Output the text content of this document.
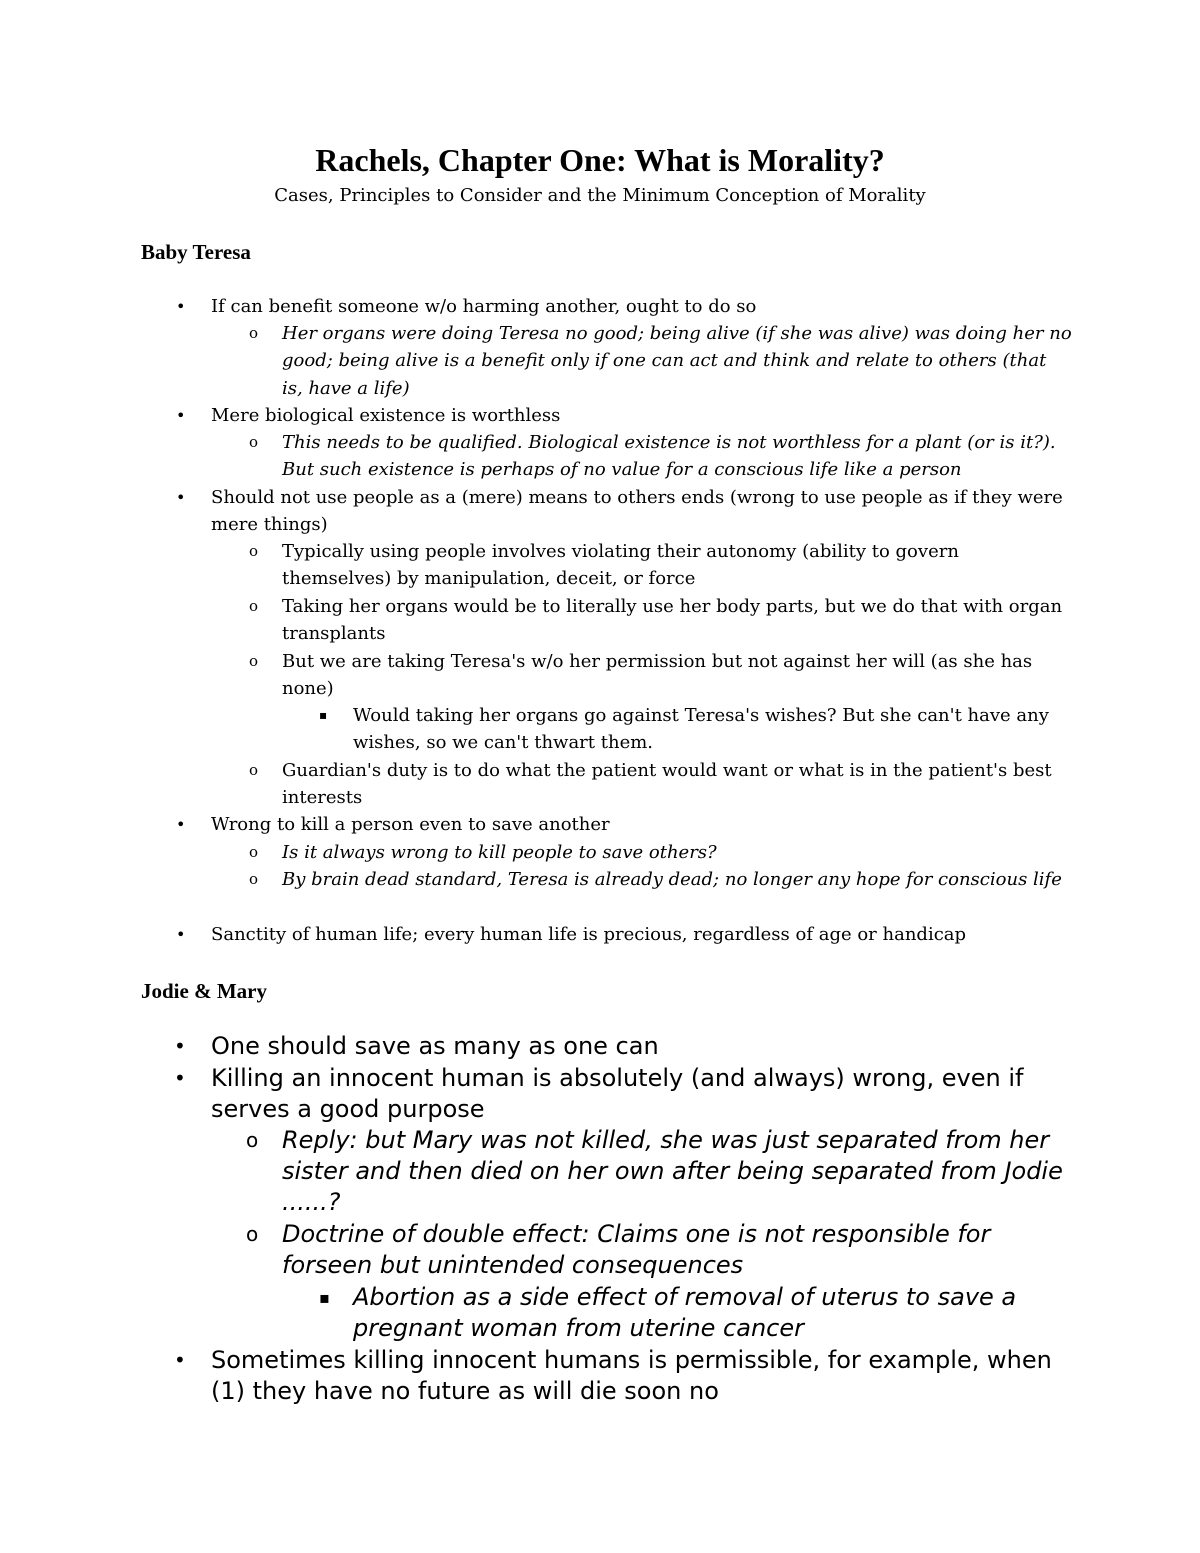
Rachels, Chapter One: What is Morality?
Cases, Principles to Consider and the Minimum Conception of Morality
Baby Teresa
• If can benefit someone w/o harming another, ought to do so
o Her organs were doing Teresa no good; being alive (if she was alive) was doing her no good; being alive is a benefit only if one can act and think and relate to others (that is, have a life)
• Mere biological existence is worthless
o This needs to be qualified. Biological existence is not worthless for a plant (or is it?). But such existence is perhaps of no value for a conscious life like a person
• Should not use people as a (mere) means to others ends (wrong to use people as if they were mere things)
o Typically using people involves violating their autonomy (ability to govern themselves) by manipulation, deceit, or force
o Taking her organs would be to literally use her body parts, but we do that with organ transplants
o But we are taking Teresa's w/o her permission but not against her will (as she has none)
▪ Would taking her organs go against Teresa's wishes? But she can't have any wishes, so we can't thwart them.
o Guardian's duty is to do what the patient would want or what is in the patient's best interests
• Wrong to kill a person even to save another
o Is it always wrong to kill people to save others?
o By brain dead standard, Teresa is already dead; no longer any hope for conscious life
• Sanctity of human life; every human life is precious, regardless of age or handicap
Jodie & Mary
• One should save as many as one can
• Killing an innocent human is absolutely (and always) wrong, even if serves a good purpose
o Reply: but Mary was not killed, she was just separated from her sister and then died on her own after being separated from Jodie ......?
o Doctrine of double effect: Claims one is not responsible for forseen but unintended consequences
▪ Abortion as a side effect of removal of uterus to save a pregnant woman from uterine cancer
• Sometimes killing innocent humans is permissible, for example, when (1) they have no future as will die soon no
